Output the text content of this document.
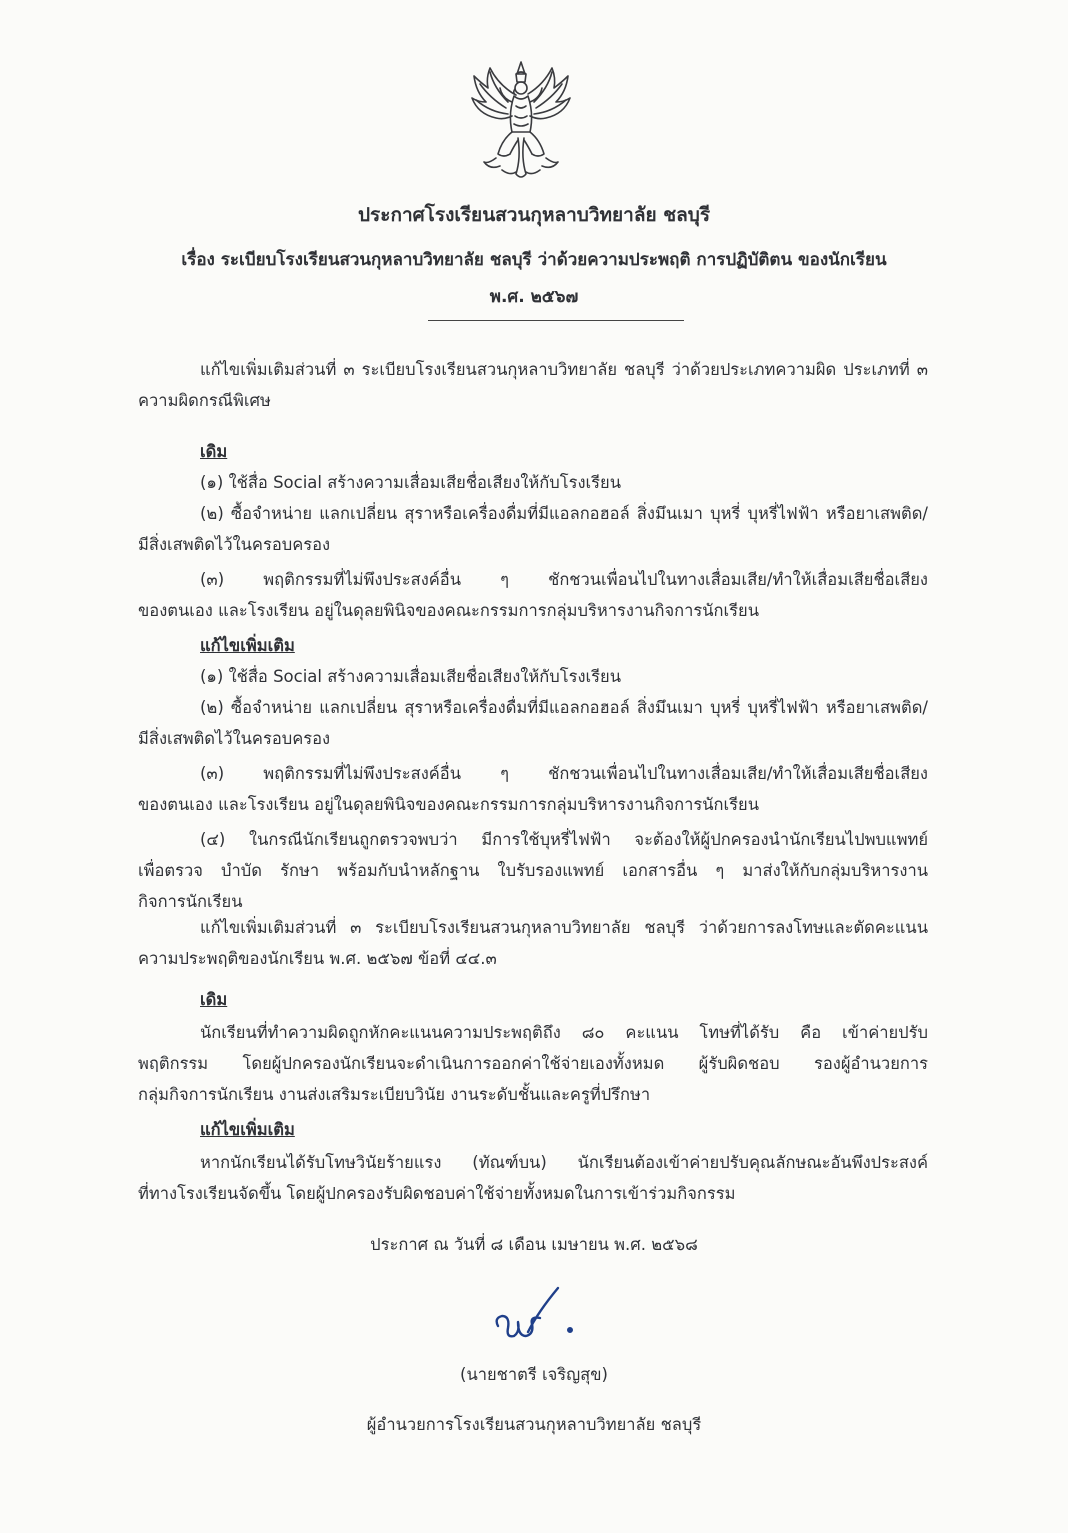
ประกาศโรงเรียนสวนกุหลาบวิทยาลัย ชลบุรี
เรื่อง ระเบียบโรงเรียนสวนกุหลาบวิทยาลัย ชลบุรี ว่าด้วยความประพฤติ การปฏิบัติตน ของนักเรียน
พ.ศ. ๒๕๖๗
แก้ไขเพิ่มเติมส่วนที่ ๓ ระเบียบโรงเรียนสวนกุหลาบวิทยาลัย ชลบุรี ว่าด้วยประเภทความผิด ประเภทที่ ๓
ความผิดกรณีพิเศษ
เดิม
(๑) ใช้สื่อ Social สร้างความเสื่อมเสียชื่อเสียงให้กับโรงเรียน
(๒) ซื้อจำหน่าย แลกเปลี่ยน สุราหรือเครื่องดื่มที่มีแอลกอฮอล์ สิ่งมึนเมา บุหรี่ บุหรี่ไฟฟ้า หรือยาเสพติด/
มีสิ่งเสพติดไว้ในครอบครอง
(๓) พฤติกรรมที่ไม่พึงประสงค์อื่น ๆ ชักชวนเพื่อนไปในทางเสื่อมเสีย/ทำให้เสื่อมเสียชื่อเสียง
ของตนเอง และโรงเรียน อยู่ในดุลยพินิจของคณะกรรมการกลุ่มบริหารงานกิจการนักเรียน
แก้ไขเพิ่มเติม
(๑) ใช้สื่อ Social สร้างความเสื่อมเสียชื่อเสียงให้กับโรงเรียน
(๒) ซื้อจำหน่าย แลกเปลี่ยน สุราหรือเครื่องดื่มที่มีแอลกอฮอล์ สิ่งมึนเมา บุหรี่ บุหรี่ไฟฟ้า หรือยาเสพติด/
มีสิ่งเสพติดไว้ในครอบครอง
(๓) พฤติกรรมที่ไม่พึงประสงค์อื่น ๆ ชักชวนเพื่อนไปในทางเสื่อมเสีย/ทำให้เสื่อมเสียชื่อเสียง
ของตนเอง และโรงเรียน อยู่ในดุลยพินิจของคณะกรรมการกลุ่มบริหารงานกิจการนักเรียน
(๔) ในกรณีนักเรียนถูกตรวจพบว่า มีการใช้บุหรี่ไฟฟ้า จะต้องให้ผู้ปกครองนำนักเรียนไปพบแพทย์
เพื่อตรวจ บำบัด รักษา พร้อมกับนำหลักฐาน ใบรับรองแพทย์ เอกสารอื่น ๆ มาส่งให้กับกลุ่มบริหารงาน
กิจการนักเรียน
แก้ไขเพิ่มเติมส่วนที่ ๓ ระเบียบโรงเรียนสวนกุหลาบวิทยาลัย ชลบุรี ว่าด้วยการลงโทษและตัดคะแนน
ความประพฤติของนักเรียน พ.ศ. ๒๕๖๗ ข้อที่ ๔๔.๓
เดิม
นักเรียนที่ทำความผิดถูกหักคะแนนความประพฤติถึง ๘๐ คะแนน โทษที่ได้รับ คือ เข้าค่ายปรับ
พฤติกรรม โดยผู้ปกครองนักเรียนจะดำเนินการออกค่าใช้จ่ายเองทั้งหมด ผู้รับผิดชอบ รองผู้อำนวยการ
กลุ่มกิจการนักเรียน งานส่งเสริมระเบียบวินัย งานระดับชั้นและครูที่ปรึกษา
แก้ไขเพิ่มเติม
หากนักเรียนได้รับโทษวินัยร้ายแรง (ทัณฑ์บน) นักเรียนต้องเข้าค่ายปรับคุณลักษณะอันพึงประสงค์
ที่ทางโรงเรียนจัดขึ้น โดยผู้ปกครองรับผิดชอบค่าใช้จ่ายทั้งหมดในการเข้าร่วมกิจกรรม
ประกาศ ณ วันที่ ๘ เดือน เมษายน พ.ศ. ๒๕๖๘
(นายชาตรี เจริญสุข)
ผู้อำนวยการโรงเรียนสวนกุหลาบวิทยาลัย ชลบุรี
